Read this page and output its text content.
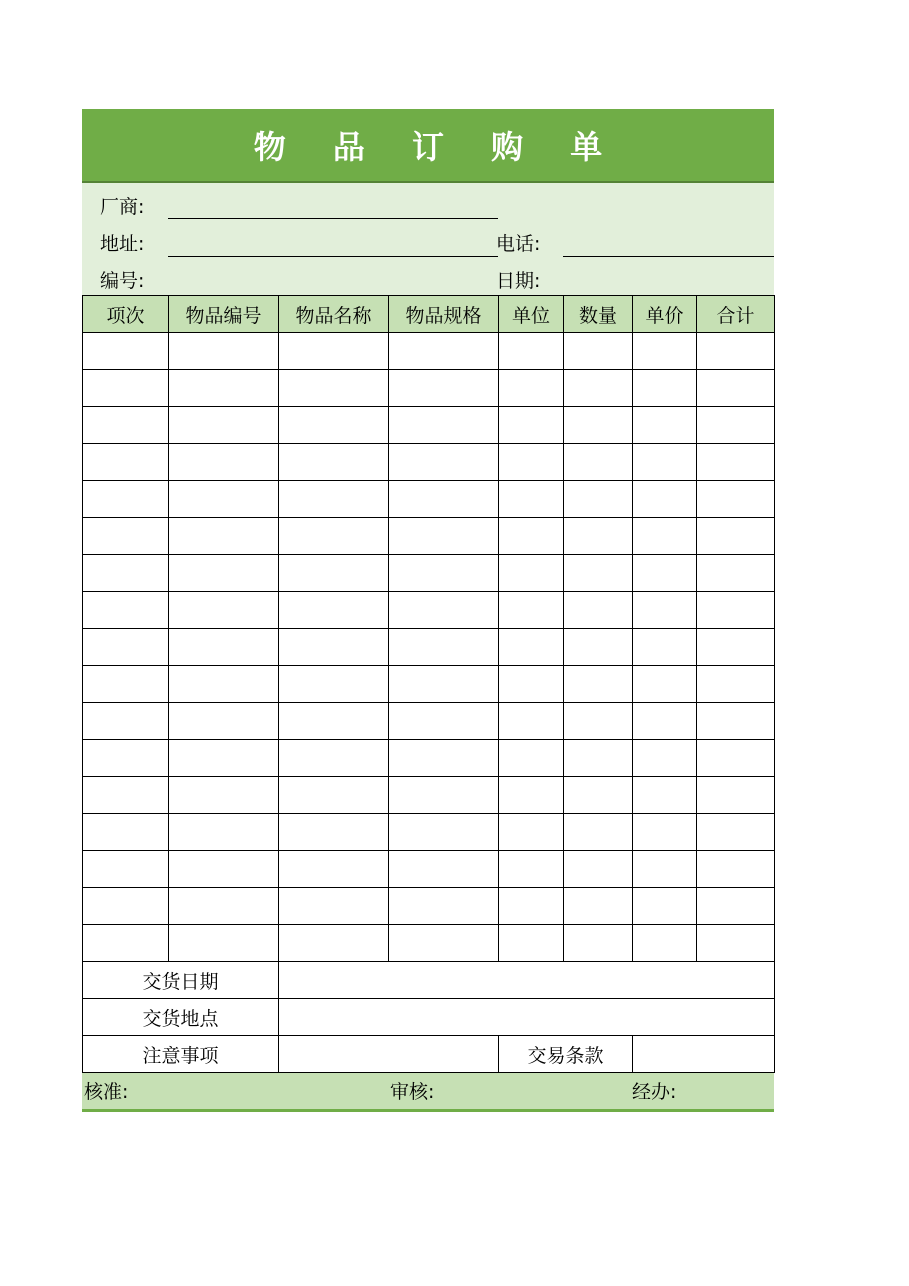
物 品 订 购 单
厂商:
地址:	电话:
编号:	日期:
项次	物品编号	物品名称	物品规格	单位	数量	单价	合计

交货日期							
交货地点							
注意事项				交易条款			
核准:	审核:	经办:
